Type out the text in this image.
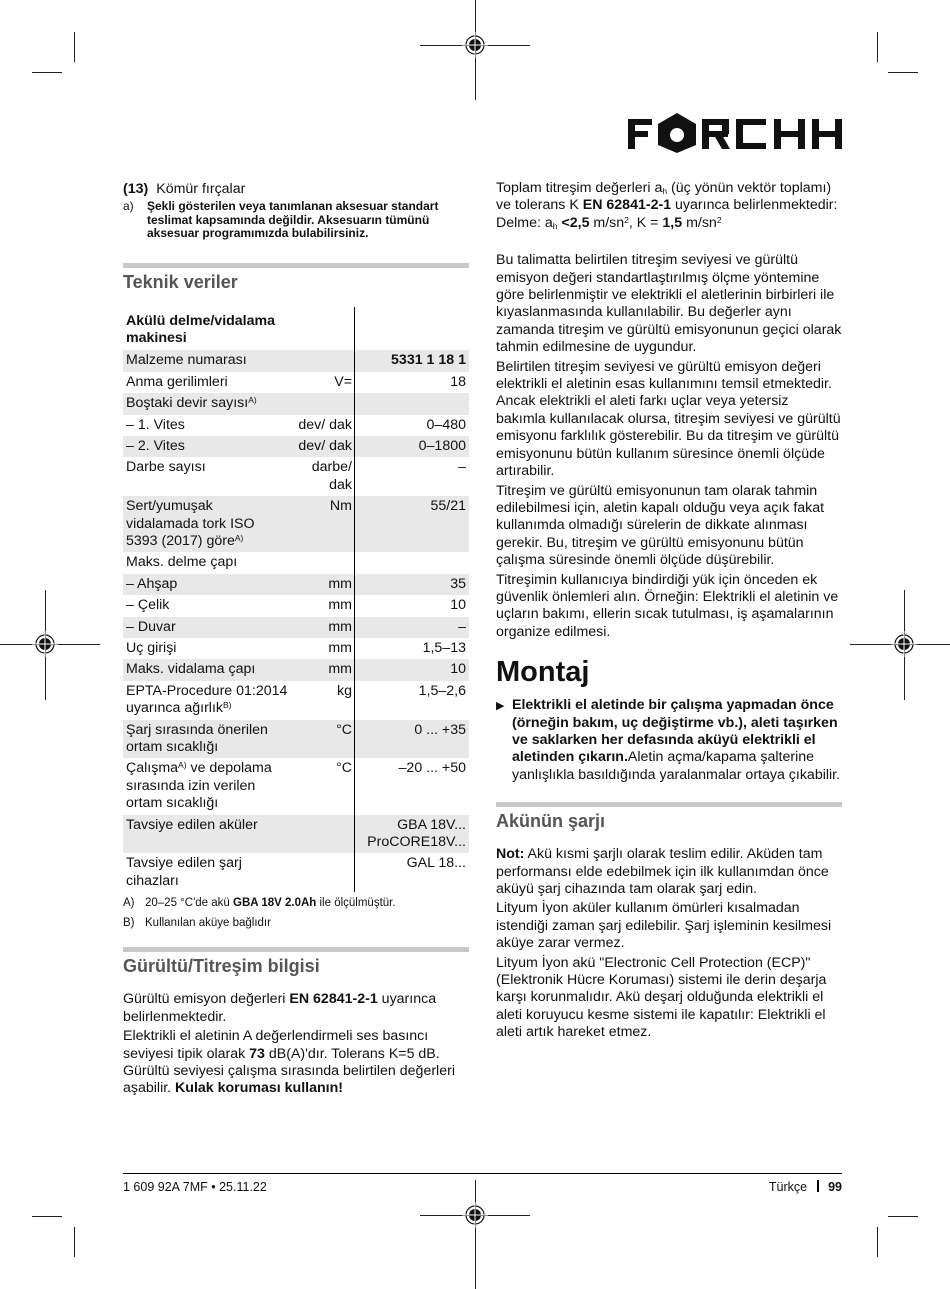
(13) Kömür fırçalar
a)	Şekli gösterilen veya tanımlanan aksesuar standart teslimat kapsamında değildir. Aksesuarın tümünü aksesuar programımızda bulabilirsiniz.
Teknik veriler
Akülü delme/vidalama makinesi		
Malzeme numarası		5331 1 18 1
Anma gerilimleri	V=	18
Boştaki devir sayısı$^{A)}$		
– 1. Vites	dev/ dak	0–480
– 2. Vites	dev/ dak	0–1800
Darbe sayısı	darbe/ dak	–
Sert/yumuşak vidalamada tork ISO 5393 (2017) göre$^{A)}$	Nm	55/21
Maks. delme çapı		
– Ahşap	mm	35
– Çelik	mm	10
– Duvar	mm	–
Uç girişi	mm	1,5–13
Maks. vidalama çapı	mm	10
EPTA-Procedure 01:2014 uyarınca ağırlık$^{B)}$	kg	1,5–2,6
Şarj sırasında önerilen ortam sıcaklığı	°C	0 ... +35
Çalışma$^{A)}$ ve depolama sırasında izin verilen ortam sıcaklığı	°C	–20 ... +50
Tavsiye edilen aküler		GBA 18V... ProCORE18V...
Tavsiye edilen şarj cihazları		GAL 18...
A) 20–25 °C'de akü GBA 18V 2.0Ah ile ölçülmüştür.
B) Kullanılan aküye bağlıdır
Gürültü/Titreşim bilgisi

Gürültü emisyon değerleri EN 62841-2-1 uyarınca belirlenmektedir.

Elektrikli el aletinin A değerlendirmeli ses basıncı seviyesi tipik olarak 73 dB(A)'dır. Tolerans K=5 dB. Gürültü seviyesi çalışma sırasında belirtilen değerleri aşabilir. Kulak koruması kullanın!

Toplam titreşim değerleri $a_h$ (üç yönün vektör toplamı) ve tolerans K EN 62841-2-1 uyarınca belirlenmektedir:
Delme: $a_h <2,5$ $m/sn^2$, K = 1,5 $m/sn^2$

Bu talimatta belirtilen titreşim seviyesi ve gürültü emisyon değeri standartlaştırılmış ölçme yöntemine göre belirlenmiştir ve elektrikli el aletlerinin birbirleri ile kıyaslanmasında kullanılabilir. Bu değerler aynı zamanda titreşim ve gürültü emisyonunun geçici olarak tahmin edilmesine de uygundur.

Belirtilen titreşim seviyesi ve gürültü emisyon değeri elektrikli el aletinin esas kullanımını temsil etmektedir. Ancak elektrikli el aleti farkı uçlar veya yetersiz bakımla kullanılacak olursa, titreşim seviyesi ve gürültü emisyonu farklılık gösterebilir. Bu da titreşim ve gürültü emisyonunu bütün kullanım süresince önemli ölçüde artırabilir.

Titreşim ve gürültü emisyonunun tam olarak tahmin edilebilmesi için, aletin kapalı olduğu veya açık fakat kullanımda olmadığı sürelerin de dikkate alınması gerekir. Bu, titreşim ve gürültü emisyonunu bütün çalışma süresinde önemli ölçüde düşürebilir.

Titreşimin kullanıcıya bindirdiği yük için önceden ek güvenlik önlemleri alın. Örneğin: Elektrikli el aletinin ve uçların bakımı, ellerin sıcak tutulması, iş aşamalarının organize edilmesi.

Montaj
▶ Elektrikli el aletinde bir çalışma yapmadan önce (örneğin bakım, uç değiştirme vb.), aleti taşırken ve saklarken her defasında aküyü elektrikli el aletinden çıkarın.Aletin açma/kapama şalterine yanlışlıkla basıldığında yaralanmalar ortaya çıkabilir.
Akünün şarjı

Not: Akü kısmi şarjlı olarak teslim edilir. Aküden tam performansı elde edebilmek için ilk kullanımdan önce aküyü şarj cihazında tam olarak şarj edin.

Lityum İyon aküler kullanım ömürleri kısalmadan istendiği zaman şarj edilebilir. Şarj işleminin kesilmesi aküye zarar vermez.

Lityum İyon akü "Electronic Cell Protection (ECP)" (Elektronik Hücre Koruması) sistemi ile derin deşarja karşı korunmalıdır. Akü deşarj olduğunda elektrikli el aleti koruyucu kesme sistemi ile kapatılır: Elektrikli el aleti artık hareket etmez.

1 609 92A 7MF • 25.11.22	Türkçe 99
